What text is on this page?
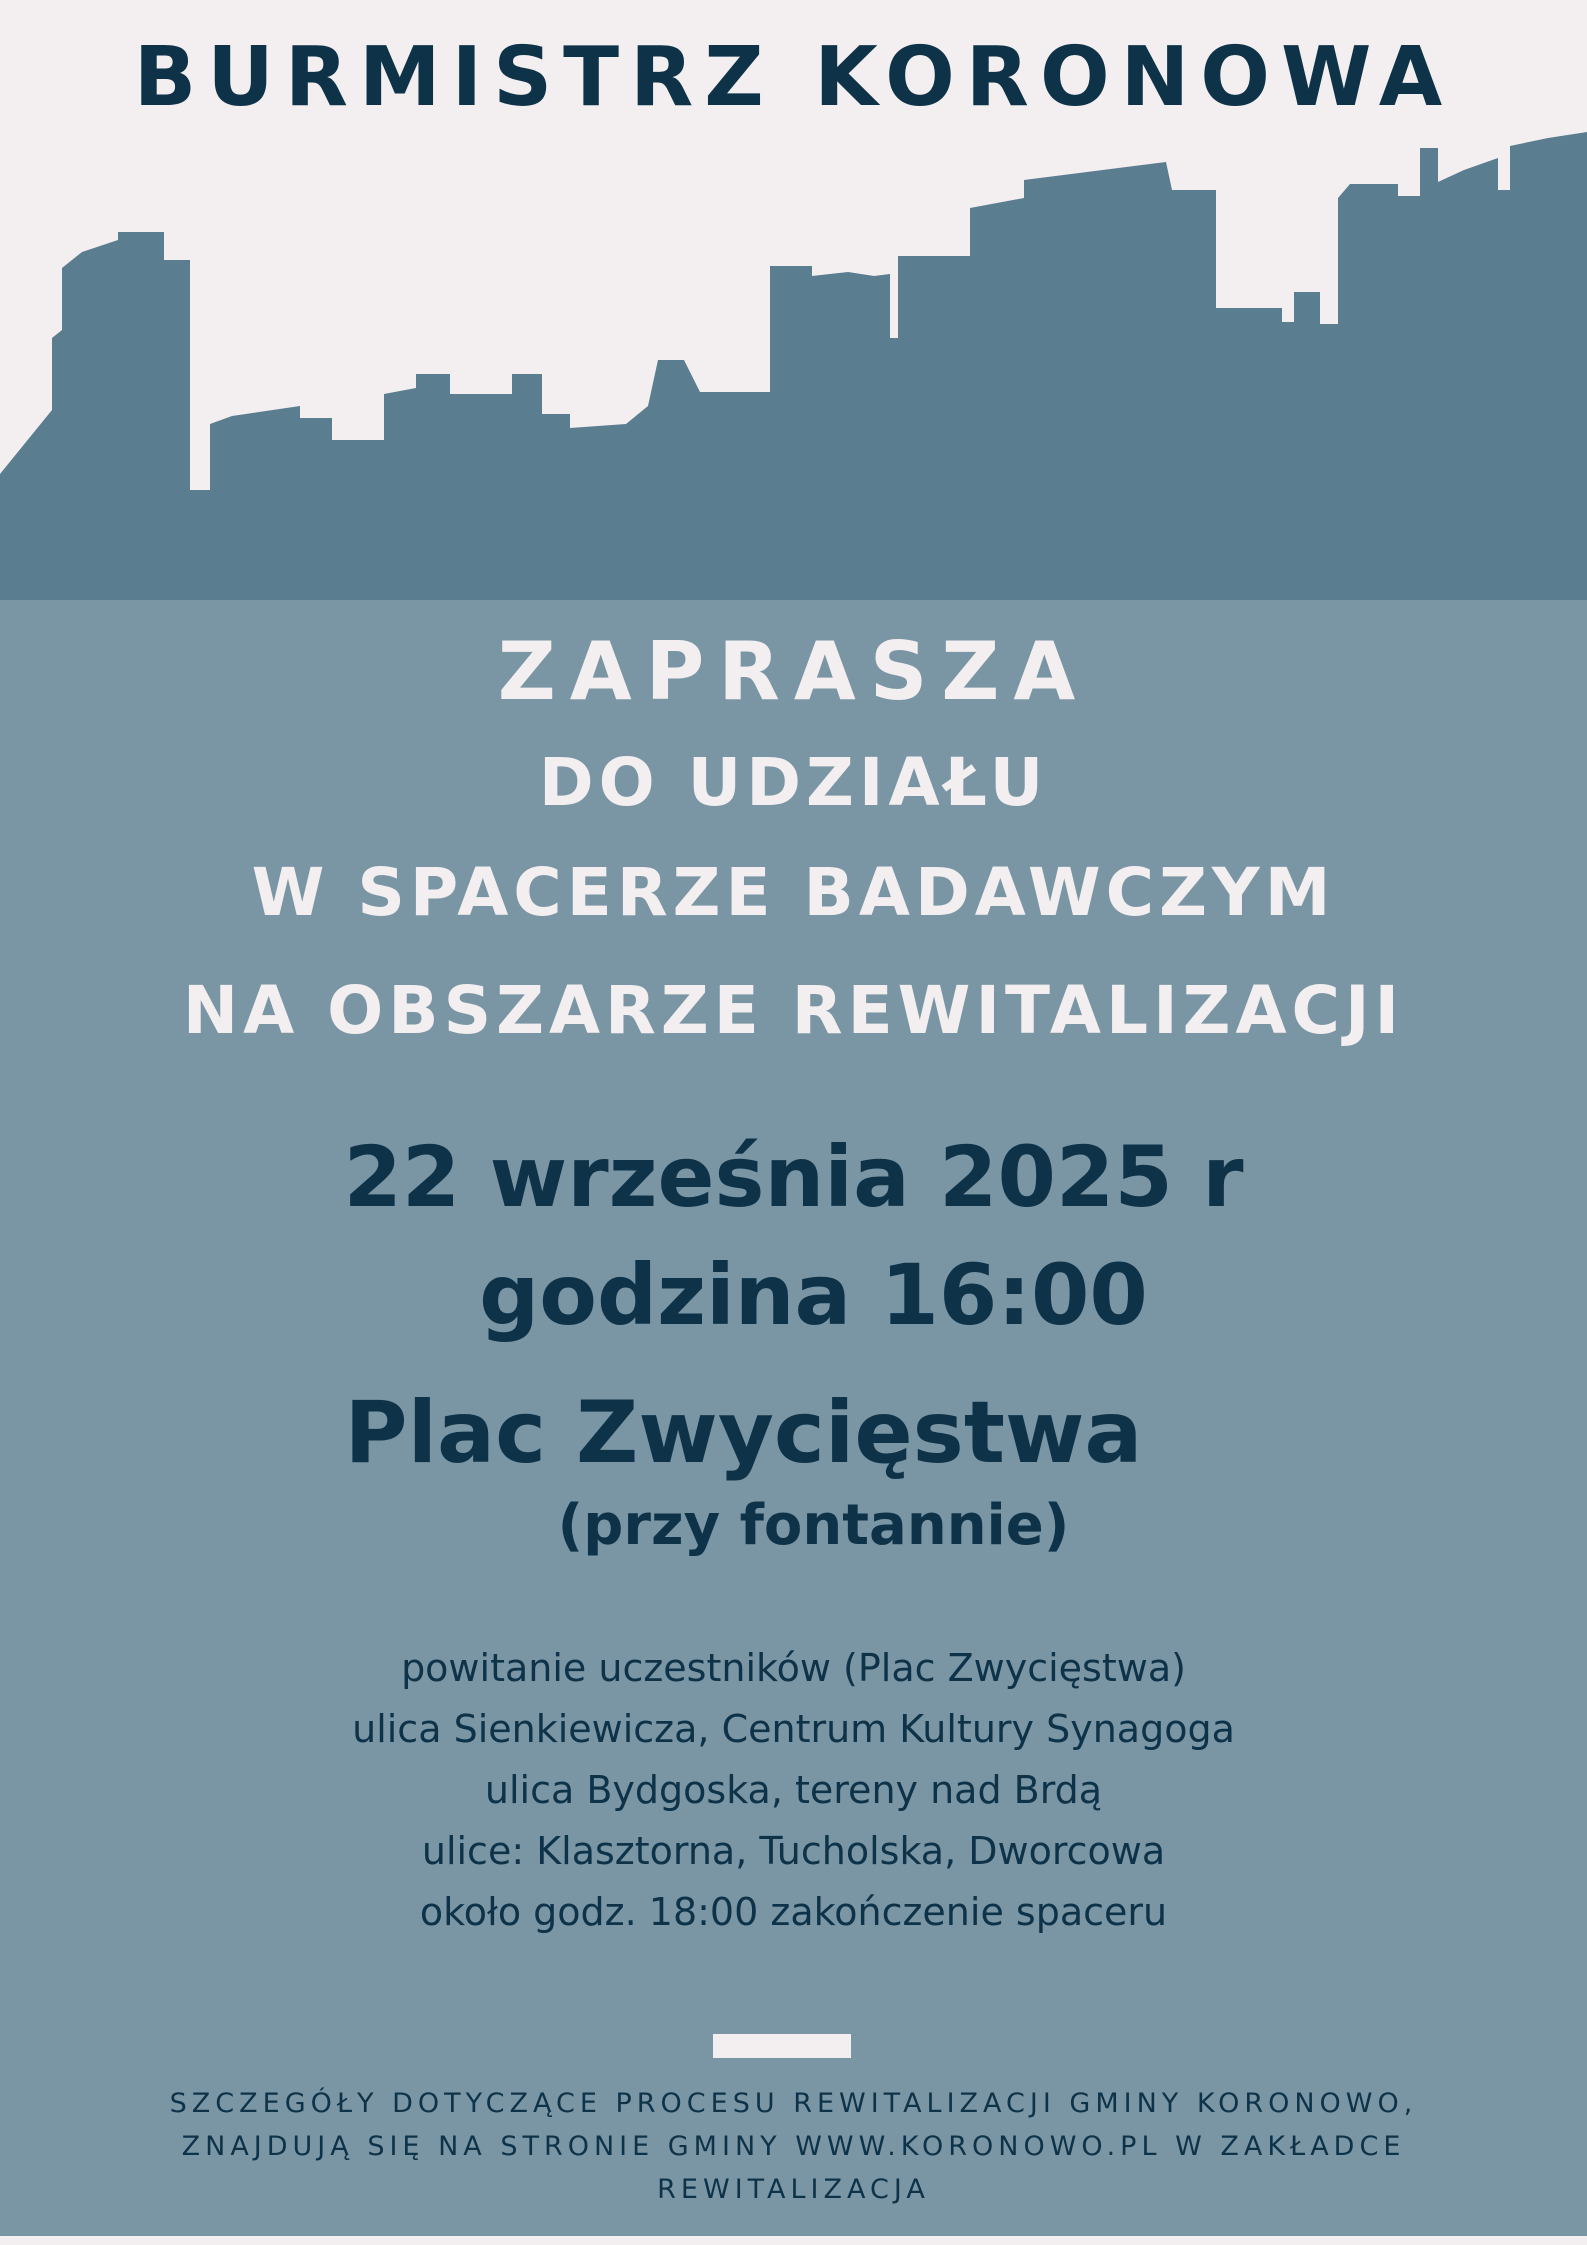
BURMISTRZ KORONOWA
ZAPRASZA
DO UDZIAŁU
W SPACERZE BADAWCZYM
NA OBSZARZE REWITALIZACJI
22 września 2025 r
godzina 16:00
Plac Zwycięstwa
(przy fontannie)
powitanie uczestników (Plac Zwycięstwa)
ulica Sienkiewicza, Centrum Kultury Synagoga
ulica Bydgoska, tereny nad Brdą
ulice: Klasztorna, Tucholska, Dworcowa
około godz. 18:00 zakończenie spaceru
SZCZEGÓŁY DOTYCZĄCE PROCESU REWITALIZACJI GMINY KORONOWO,
ZNAJDUJĄ SIĘ NA STRONIE GMINY WWW.KORONOWO.PL W ZAKŁADCE
REWITALIZACJA
